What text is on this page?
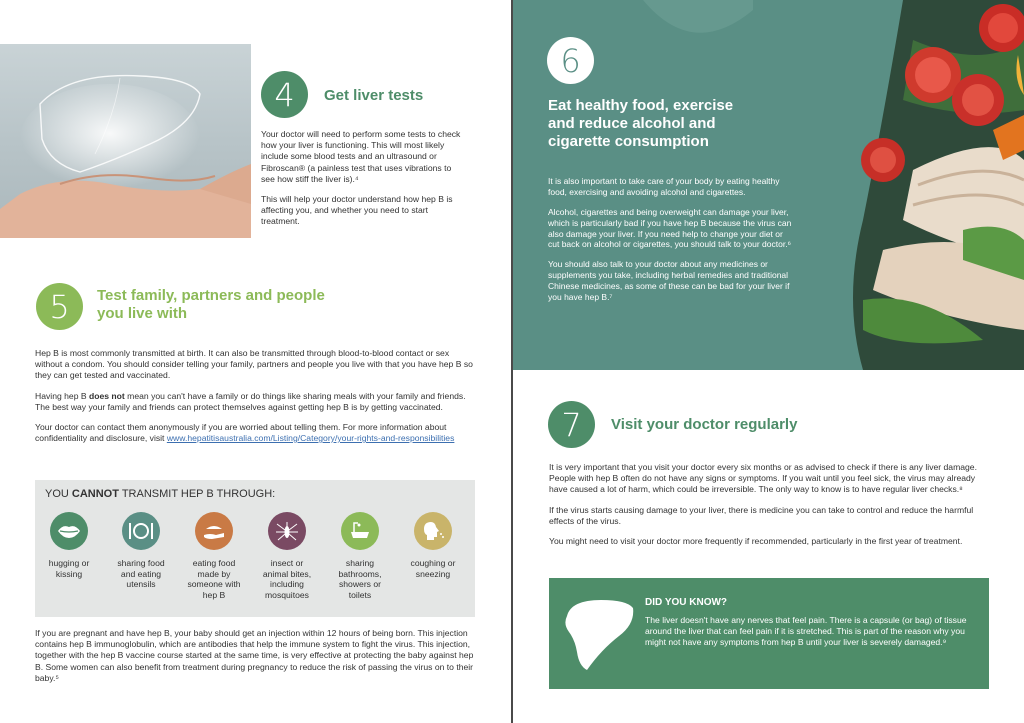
4	Get liver tests

Your doctor will need to perform some tests to check how your liver is functioning. This will most likely include some blood tests and an ultrasound or Fibroscan® (a painless test that uses vibrations to see how stiff the liver is).⁴

This will help your doctor understand how hep B is affecting you, and whether you need to start treatment.

5	Test family, partners and people
you live with

Hep B is most commonly transmitted at birth. It can also be transmitted through blood-to-blood contact or sex without a condom. You should consider telling your family, partners and people you live with that you have hep B so they can get tested and vaccinated.

Having hep B does not mean you can't have a family or do things like sharing meals with your family and friends. The best way your family and friends can protect themselves against getting hep B is by getting vaccinated.

Your doctor can contact them anonymously if you are worried about telling them. For more information about confidentiality and disclosure, visit www.hepatitisaustralia.com/Listing/Category/your-rights-and-responsibilities

YOU CANNOT TRANSMIT HEP B THROUGH:
hugging or kissing
sharing food and eating utensils
eating food made by someone with hep B
insect or animal bites, including mosquitoes
sharing bathrooms, showers or toilets
coughing or sneezing
If you are pregnant and have hep B, your baby should get an injection within 12 hours of being born. This injection contains hep B immunoglobulin, which are antibodies that help the immune system to fight the virus. This injection, together with the hep B vaccine course started at the same time, is very effective at protecting the baby against hep B. Some women can also benefit from treatment during pregnancy to reduce the risk of passing the virus on to their baby.⁵
6
Eat healthy food, exercise
and reduce alcohol and
cigarette consumption

It is also important to take care of your body by eating healthy food, exercising and avoiding alcohol and cigarettes.

Alcohol, cigarettes and being overweight can damage your liver, which is particularly bad if you have hep B because the virus can also damage your liver. If you need help to change your diet or cut back on alcohol or cigarettes, you should talk to your doctor.⁶

You should also talk to your doctor about any medicines or supplements you take, including herbal remedies and traditional Chinese medicines, as some of these can be bad for your liver if you have hep B.⁷

7	Visit your doctor regularly

It is very important that you visit your doctor every six months or as advised to check if there is any liver damage. People with hep B often do not have any signs or symptoms. If you wait until you feel sick, the virus may already have caused a lot of harm, which could be irreversible. The only way to know is to have regular liver checks.⁸

If the virus starts causing damage to your liver, there is medicine you can take to control and reduce the harmful effects of the virus.

You might need to visit your doctor more frequently if recommended, particularly in the first year of treatment.

DID YOU KNOW?
The liver doesn't have any nerves that feel pain. There is a capsule (or bag) of tissue around the liver that can feel pain if it is stretched. This is part of the reason why you might not have any symptoms from hep B until your liver is severely damaged.⁹
